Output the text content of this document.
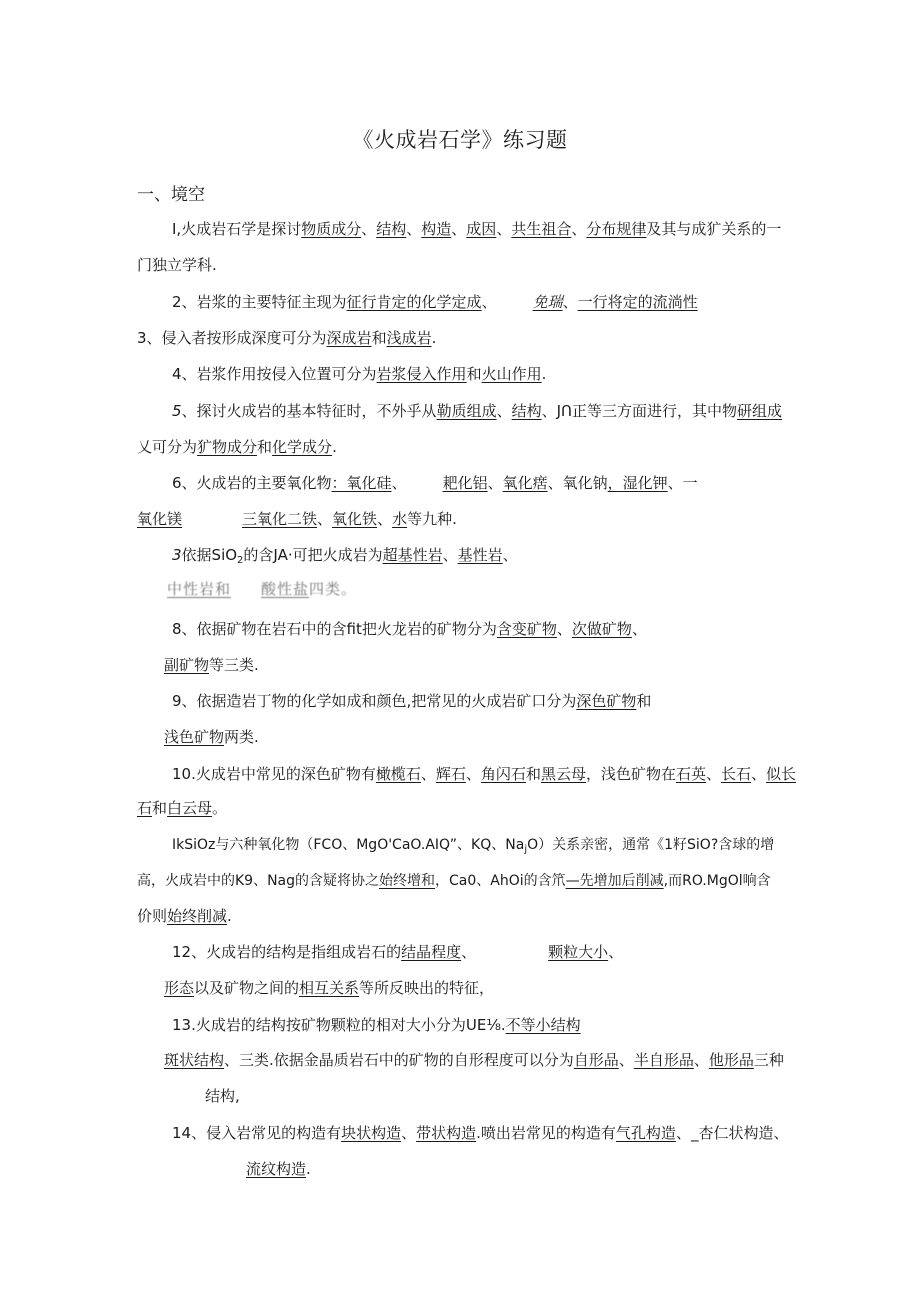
《火成岩石学》练习题
一、境空
I,火成岩石学是探讨物质成分、结构、构造、成因、共生祖合、分布规律及其与成犷关系的一
门独立学科.
2、岩浆的主要特征主现为征行肯定的化学定成、 免瑞、一行将定的流淌性
3、侵入者按形成深度可分为深成岩和浅成岩.
4、岩浆作用按侵入位置可分为岩浆侵入作用和火山作用.
5、探讨火成岩的基本特征时，不外乎从勒质组成、结构、JՈ正等三方面进行，其中物研组成
乂可分为犷物成分和化学成分.
6、火成岩的主要氧化物：氧化硅、 耙化铝、氧化瘔、氧化钠，湿化钾、一
氧化镁	三氧化二铁、氧化铁、水等九种.
3依据SiO$_2$的含JA·可把火成岩为超基性岩、基性岩、
中性岩和 酸性盐四类。
8、依据矿物在岩石中的含fit把火龙岩的矿物分为含变矿物、次做矿物、
副矿物等三类.
9、依据造岩丁物的化学如成和颜色,把常见的火成岩矿口分为深色矿物和
浅色矿物两类.
10.火成岩中常见的深色矿物有橄榄石、辉石、角闪石和黑云母，浅色矿物在石英、长石、似长
石和白云母。
IkSiOz与六种氧化物（FCO、MgO'CaO.AIQ”、KQ、$Na_jO$）关系亲密，通常《1籽SiO?含球的增
高，火成岩中的K9、Nag的含疑将协之始终增和，Ca0、AhOi的含笊—先增加后削减,而RO.MgOl响含
价则始终削减.
12、火成岩的结构是指组成岩石的结晶程度、	颗粒大小、
形态以及矿物之间的相互关系等所反映出的特征，
13.火成岩的结构按矿物颗粒的相对大小分为UE⅛.不等小结构
斑状结构、三类.依据金晶质岩石中的矿物的自形程度可以分为自形品、半自形品、他形品三种
结构,
14、侵入岩常见的构造有块状构造、带状构造.喷出岩常见的构造有气孔构造、_杏仁状构造、
流纹构造.
